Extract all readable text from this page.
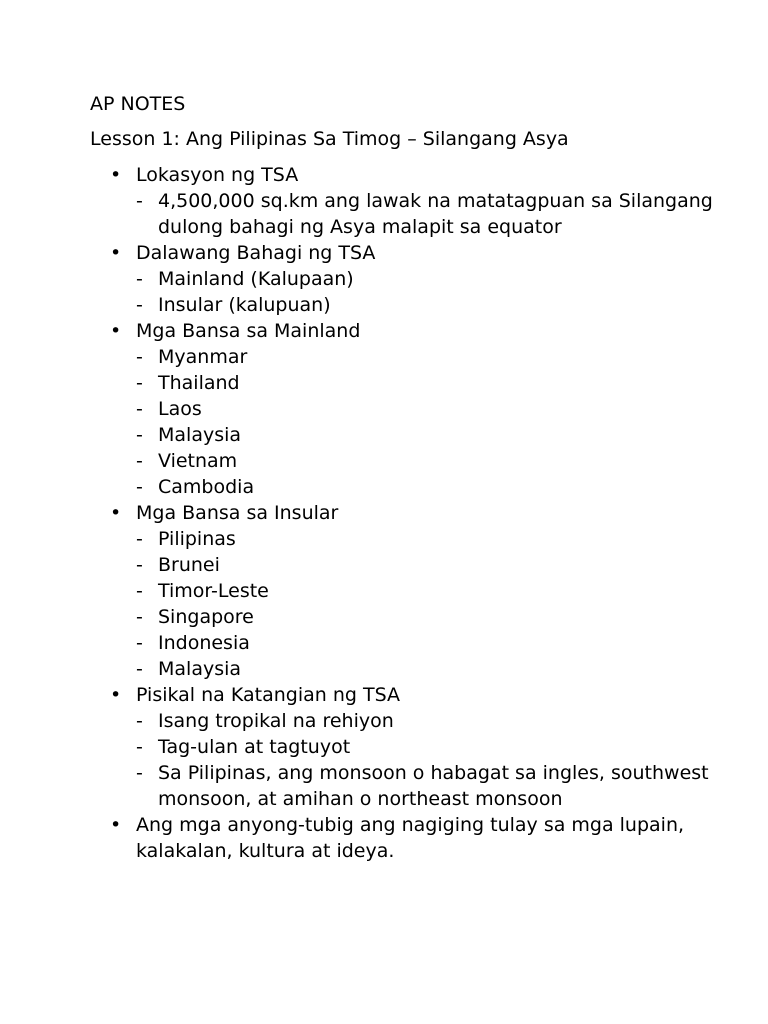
AP NOTES
Lesson 1: Ang Pilipinas Sa Timog – Silangang Asya
• Lokasyon ng TSA
- 4,500,000 sq.km ang lawak na matatagpuan sa Silangang dulong bahagi ng Asya malapit sa equator
• Dalawang Bahagi ng TSA
- Mainland (Kalupaan)
- Insular (kalupuan)
• Mga Bansa sa Mainland
- Myanmar
- Thailand
- Laos
- Malaysia
- Vietnam
- Cambodia
• Mga Bansa sa Insular
- Pilipinas
- Brunei
- Timor-Leste
- Singapore
- Indonesia
- Malaysia
• Pisikal na Katangian ng TSA
- Isang tropikal na rehiyon
- Tag-ulan at tagtuyot
- Sa Pilipinas, ang monsoon o habagat sa ingles, southwest monsoon, at amihan o northeast monsoon
• Ang mga anyong-tubig ang nagiging tulay sa mga lupain, kalakalan, kultura at ideya.
